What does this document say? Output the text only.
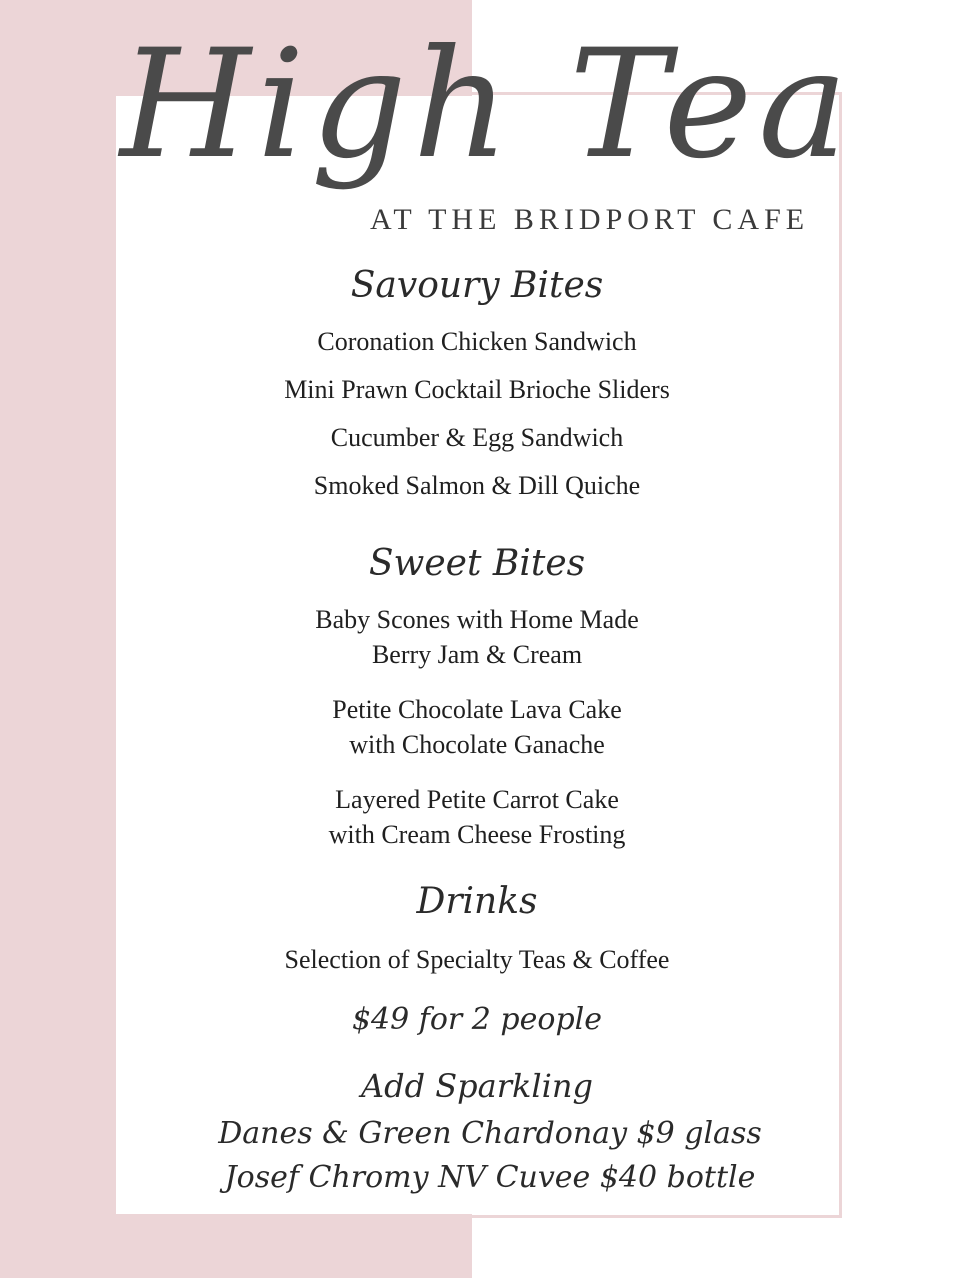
High Tea
AT THE BRIDPORT CAFE
Savoury Bites
Coronation Chicken Sandwich
Mini Prawn Cocktail Brioche Sliders
Cucumber & Egg Sandwich
Smoked Salmon & Dill Quiche
Sweet Bites
Baby Scones with Home Made
Berry Jam & Cream
Petite Chocolate Lava Cake
with Chocolate Ganache
Layered Petite Carrot Cake
with Cream Cheese Frosting
Drinks
Selection of Specialty Teas & Coffee
$49 for 2 people
Add Sparkling
Danes & Green Chardonay $9 glass
Josef Chromy NV Cuvee $40 bottle
